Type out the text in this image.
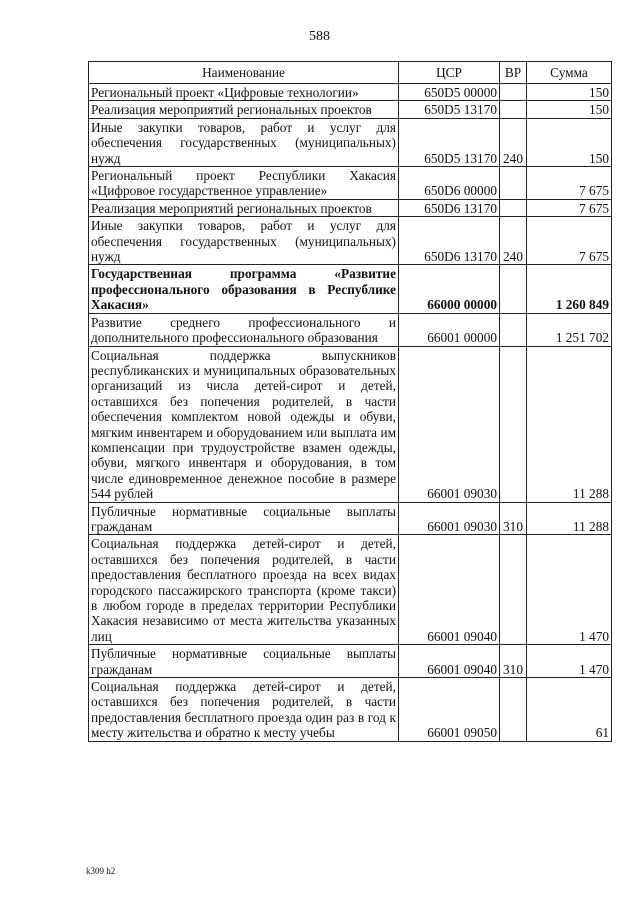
588
Наименование	ЦСР	ВР	Сумма
Региональный проект «Цифровые технологии»	650D5 00000		150
Реализация мероприятий региональных проектов	650D5 13170		150
Иные закупки товаров, работ и услуг для обеспечения государственных (муниципальных) нужд	650D5 13170	240	150
Региональный проект Республики Хакасия «Цифровое государственное управление»	650D6 00000		7 675
Реализация мероприятий региональных проектов	650D6 13170		7 675
Иные закупки товаров, работ и услуг для обеспечения государственных (муниципальных) нужд	650D6 13170	240	7 675
Государственная программа «Развитие профессионального образования в Республике Хакасия»	66000 00000		1 260 849
Развитие среднего профессионального и дополнительного профессионального образования	66001 00000		1 251 702
Социальная поддержка выпускников республиканских и муниципальных образовательных организаций из числа детей-сирот и детей, оставшихся без попечения родителей, в части обеспечения комплектом новой одежды и обуви, мягким инвентарем и оборудованием или выплата им компенсации при трудоустройстве взамен одежды, обуви, мягкого инвентаря и оборудования, в том числе единовременное денежное пособие в размере 544 рублей	66001 09030		11 288
Публичные нормативные социальные выплаты гражданам	66001 09030	310	11 288
Социальная поддержка детей-сирот и детей, оставшихся без попечения родителей, в части предоставления бесплатного проезда на всех видах городского пассажирского транспорта (кроме такси) в любом городе в пределах территории Республики Хакасия независимо от места жительства указанных лиц	66001 09040		1 470
Публичные нормативные социальные выплаты гражданам	66001 09040	310	1 470
Социальная поддержка детей-сирот и детей, оставшихся без попечения родителей, в части предоставления бесплатного проезда один раз в год к месту жительства и обратно к месту учебы	66001 09050		61
k309 h2
